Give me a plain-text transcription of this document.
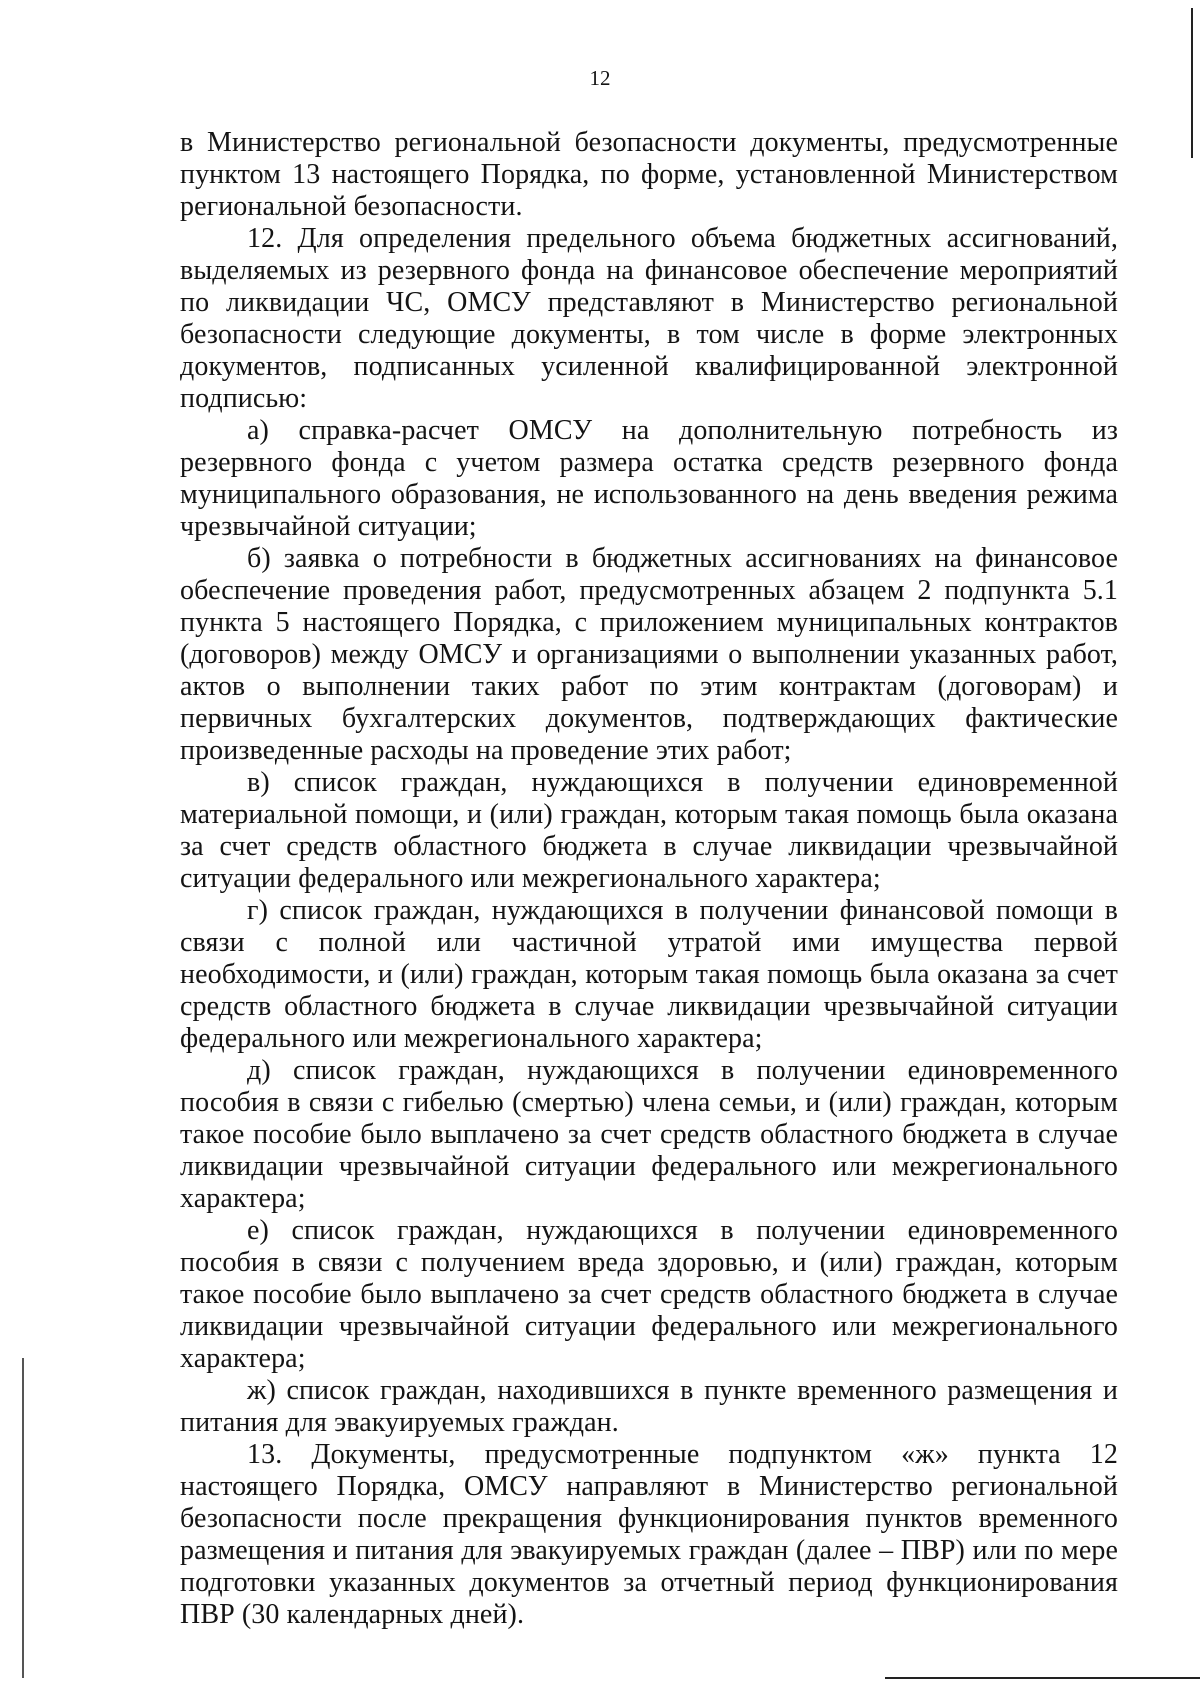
12

в Министерство региональной безопасности документы, предусмотренные пунктом 13 настоящего Порядка, по форме, установленной Министерством региональной безопасности.

12. Для определения предельного объема бюджетных ассигнований, выделяемых из резервного фонда на финансовое обеспечение мероприятий по ликвидации ЧС, ОМСУ представляют в Министерство региональной безопасности следующие документы, в том числе в форме электронных документов, подписанных усиленной квалифицированной электронной подписью:

а) справка-расчет ОМСУ на дополнительную потребность из резервного фонда с учетом размера остатка средств резервного фонда муниципального образования, не использованного на день введения режима чрезвычайной ситуации;

б) заявка о потребности в бюджетных ассигнованиях на финансовое обеспечение проведения работ, предусмотренных абзацем 2 подпункта 5.1 пункта 5 настоящего Порядка, с приложением муниципальных контрактов (договоров) между ОМСУ и организациями о выполнении указанных работ, актов о выполнении таких работ по этим контрактам (договорам) и первичных бухгалтерских документов, подтверждающих фактические произведенные расходы на проведение этих работ;

в) список граждан, нуждающихся в получении единовременной материальной помощи, и (или) граждан, которым такая помощь была оказана за счет средств областного бюджета в случае ликвидации чрезвычайной ситуации федерального или межрегионального характера;

г) список граждан, нуждающихся в получении финансовой помощи в связи с полной или частичной утратой ими имущества первой необходимости, и (или) граждан, которым такая помощь была оказана за счет средств областного бюджета в случае ликвидации чрезвычайной ситуации федерального или межрегионального характера;

д) список граждан, нуждающихся в получении единовременного пособия в связи с гибелью (смертью) члена семьи, и (или) граждан, которым такое пособие было выплачено за счет средств областного бюджета в случае ликвидации чрезвычайной ситуации федерального или межрегионального характера;

е) список граждан, нуждающихся в получении единовременного пособия в связи с получением вреда здоровью, и (или) граждан, которым такое пособие было выплачено за счет средств областного бюджета в случае ликвидации чрезвычайной ситуации федерального или межрегионального характера;

ж) список граждан, находившихся в пункте временного размещения и питания для эвакуируемых граждан.

13. Документы, предусмотренные подпунктом «ж» пункта 12 настоящего Порядка, ОМСУ направляют в Министерство региональной безопасности после прекращения функционирования пунктов временного размещения и питания для эвакуируемых граждан (далее – ПВР) или по мере подготовки указанных документов за отчетный период функционирования ПВР (30 календарных дней).
